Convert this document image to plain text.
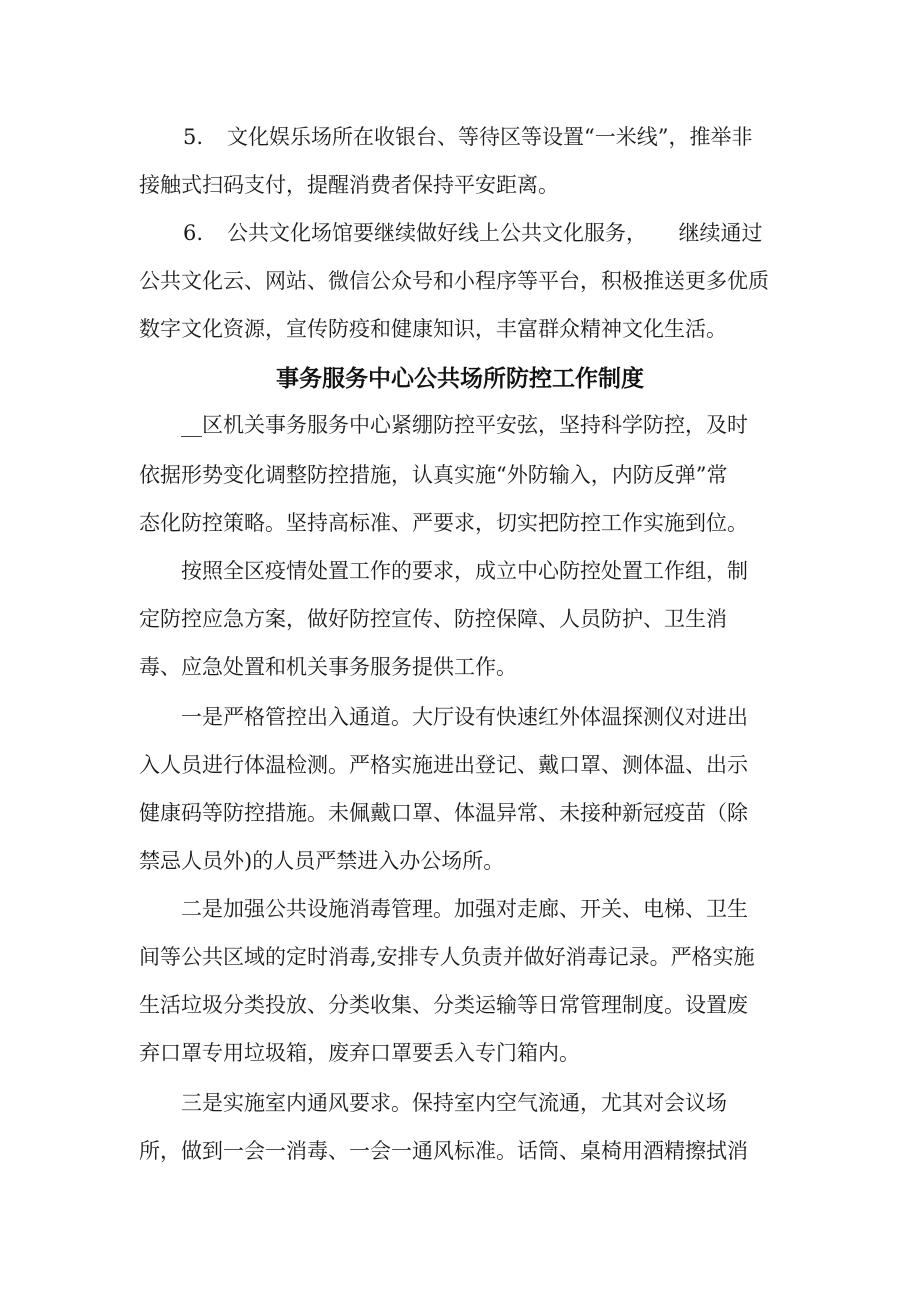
5. 文化娱乐场所在收银台、等待区等设置“一米线”，推举非
接触式扫码支付，提醒消费者保持平安距离。
6. 公共文化场馆要继续做好线上公共文化服务，　　继续通过
公共文化云、网站、微信公众号和小程序等平台，积极推送更多优质
数字文化资源，宣传防疫和健康知识，丰富群众精神文化生活。
事务服务中心公共场所防控工作制度
__区机关事务服务中心紧绷防控平安弦，坚持科学防控，及时
依据形势变化调整防控措施，认真实施“外防输入，内防反弹”常
态化防控策略。坚持高标准、严要求，切实把防控工作实施到位。
按照全区疫情处置工作的要求，成立中心防控处置工作组，制
定防控应急方案，做好防控宣传、防控保障、人员防护、卫生消
毒、应急处置和机关事务服务提供工作。
一是严格管控出入通道。大厅设有快速红外体温探测仪对进出
入人员进行体温检测。严格实施进出登记、戴口罩、测体温、出示
健康码等防控措施。未佩戴口罩、体温异常、未接种新冠疫苗（除
禁忌人员外)的人员严禁进入办公场所。
二是加强公共设施消毒管理。加强对走廊、开关、电梯、卫生
间等公共区域的定时消毒,安排专人负责并做好消毒记录。严格实施
生活垃圾分类投放、分类收集、分类运输等日常管理制度。设置废
弃口罩专用垃圾箱，废弃口罩要丢入专门箱内。
三是实施室内通风要求。保持室内空气流通，尤其对会议场
所，做到一会一消毒、一会一通风标准。话筒、桌椅用酒精擦拭消
